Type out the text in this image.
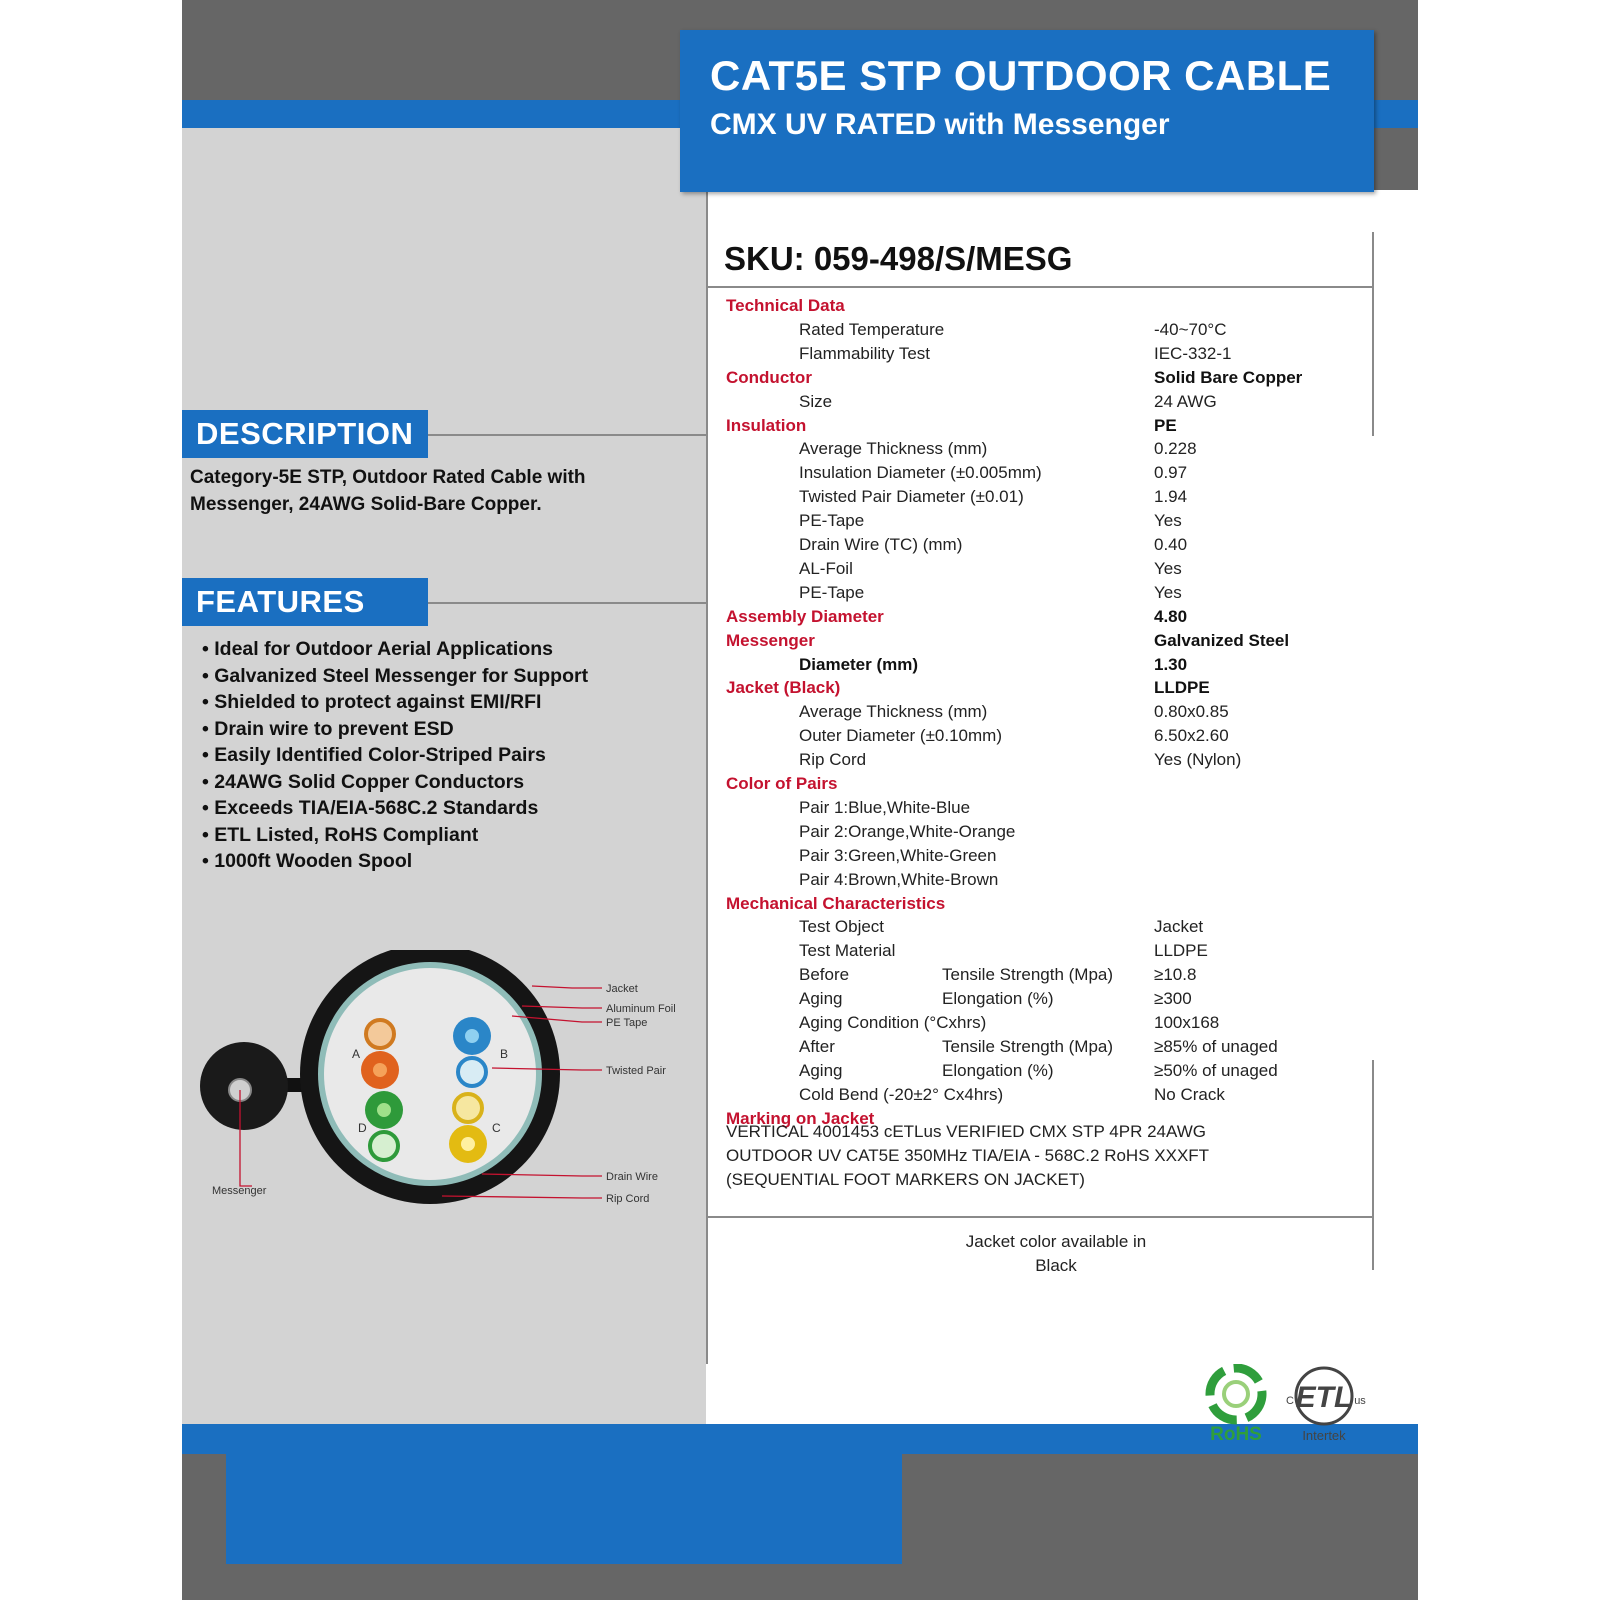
SKU: 059-498/S/MESG
Technical Data
Rated Temperature	-40~70°C
Flammability Test	IEC-332-1
Conductor	Solid Bare Copper
Size	24 AWG
Insulation	PE
Average Thickness (mm)	0.228
Insulation Diameter (±0.005mm)	0.97
Twisted Pair Diameter (±0.01)	1.94
PE-Tape	Yes
Drain Wire (TC) (mm)	0.40
AL-Foil	Yes
PE-Tape	Yes
Assembly Diameter	4.80
Messenger	Galvanized Steel
Diameter (mm)	1.30
Jacket (Black)	LLDPE
Average Thickness (mm)	0.80x0.85
Outer Diameter (±0.10mm)	6.50x2.60
Rip Cord	Yes (Nylon)
Color of Pairs
Pair 1:Blue,White-Blue
Pair 2:Orange,White-Orange
Pair 3:Green,White-Green
Pair 4:Brown,White-Brown
Mechanical Characteristics
Test Object	Jacket
Test Material	LLDPE
Before	Tensile Strength (Mpa) ≥10.8
Aging	Elongation (%)	≥300
Aging Condition (°Cxhrs)	100x168
After	Tensile Strength (Mpa) ≥85% of unaged
Aging	Elongation (%)	≥50% of unaged
Cold Bend (-20±2° Cx4hrs)	No Crack
Marking on Jacket
VERTICAL 4001453 cETLus VERIFIED CMX STP 4PR 24AWG
OUTDOOR UV CAT5E 350MHz TIA/EIA - 568C.2 RoHS XXXFT
(SEQUENTIAL FOOT MARKERS ON JACKET)
Jacket color available in
Black
RoHS
ETL
C	us
Intertek
CAT5E STP OUTDOOR CABLE
CMX UV RATED with Messenger
DESCRIPTION
Category-5E STP, Outdoor Rated Cable with
Messenger, 24AWG Solid-Bare Copper.
FEATURES
• Ideal for Outdoor Aerial Applications
• Galvanized Steel Messenger for Support
• Shielded to protect against EMI/RFI
• Drain wire to prevent ESD
• Easily Identified Color-Striped Pairs
• 24AWG Solid Copper Conductors
• Exceeds TIA/EIA-568C.2 Standards
• ETL Listed, RoHS Compliant
• 1000ft Wooden Spool
A	B
C
D
Jacket
Aluminum Foil
PE Tape
Twisted Pair
Drain Wire
Rip Cord
Messenger
